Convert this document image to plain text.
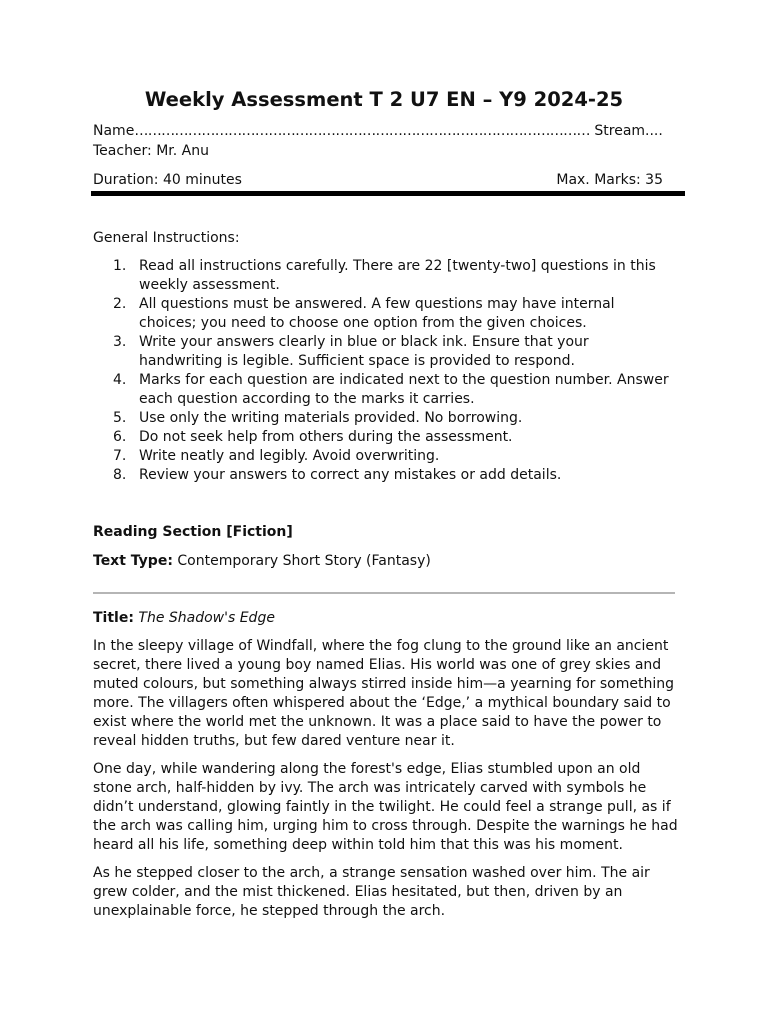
Weekly Assessment T 2 U7 EN – Y9 2024-25
Name………………………………………………………………………………………… Stream....
Teacher: Mr. Anu
Duration: 40 minutes	Max. Marks: 35
General Instructions:
1. Read all instructions carefully. There are 22 [twenty-two] questions in this weekly assessment.
2. All questions must be answered. A few questions may have internal choices; you need to choose one option from the given choices.
3. Write your answers clearly in blue or black ink. Ensure that your handwriting is legible. Sufficient space is provided to respond.
4. Marks for each question are indicated next to the question number. Answer each question according to the marks it carries.
5. Use only the writing materials provided. No borrowing.
6. Do not seek help from others during the assessment.
7. Write neatly and legibly. Avoid overwriting.
8. Review your answers to correct any mistakes or add details.
Reading Section [Fiction]
Text Type: Contemporary Short Story (Fantasy)
Title: The Shadow's Edge

In the sleepy village of Windfall, where the fog clung to the ground like an ancient secret, there lived a young boy named Elias. His world was one of grey skies and muted colours, but something always stirred inside him—a yearning for something more. The villagers often whispered about the ‘Edge,’ a mythical boundary said to exist where the world met the unknown. It was a place said to have the power to reveal hidden truths, but few dared venture near it.

One day, while wandering along the forest's edge, Elias stumbled upon an old stone arch, half-hidden by ivy. The arch was intricately carved with symbols he didn’t understand, glowing faintly in the twilight. He could feel a strange pull, as if the arch was calling him, urging him to cross through. Despite the warnings he had heard all his life, something deep within told him that this was his moment.

As he stepped closer to the arch, a strange sensation washed over him. The air grew colder, and the mist thickened. Elias hesitated, but then, driven by an unexplainable force, he stepped through the arch.
